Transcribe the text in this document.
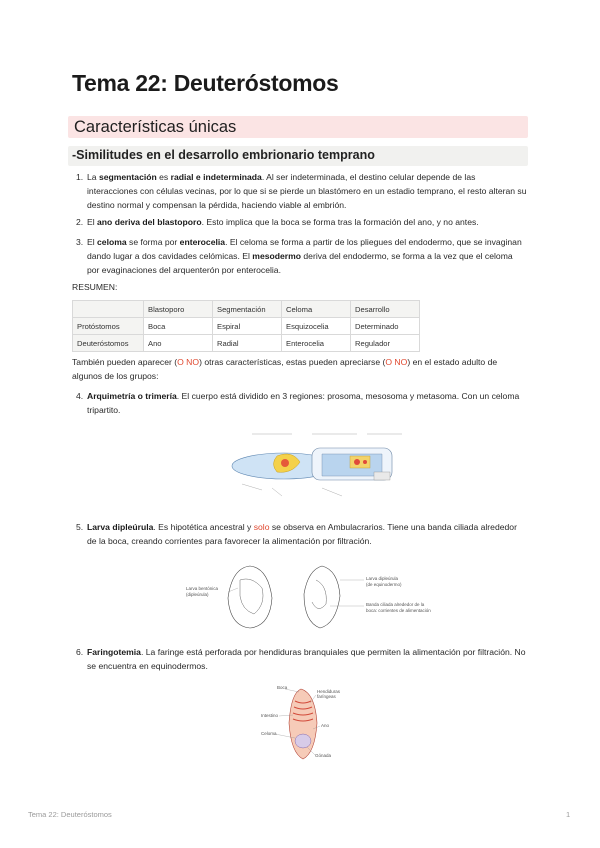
Tema 22: Deuteróstomos
Características únicas
-Similitudes en el desarrollo embrionario temprano
1. La segmentación es radial e indeterminada. Al ser indeterminada, el destino celular depende de las interacciones con células vecinas, por lo que si se pierde un blastómero en un estadio temprano, el resto alteran su destino normal y compensan la pérdida, haciendo viable al embrión.
2. El ano deriva del blastoporo. Esto implica que la boca se forma tras la formación del ano, y no antes.
3. El celoma se forma por enterocelia. El celoma se forma a partir de los pliegues del endodermo, que se invaginan dando lugar a dos cavidades celómicas. El mesodermo deriva del endodermo, se forma a la vez que el celoma por evaginaciones del arquenterón por enterocelia.
RESUMEN:
	Blastoporo	Segmentación	Celoma	Desarrollo
Protóstomos	Boca	Espiral	Esquizocelia	Determinado
Deuteróstomos	Ano	Radial	Enterocelia	Regulador
También pueden aparecer (O NO) otras características, estas pueden apreciarse (O NO) en el estado adulto de algunos de los grupos:
4. Arquimetría o trimería. El cuerpo está dividido en 3 regiones: prosoma, mesosoma y metasoma. Con un celoma tripartito.
5. Larva dipleúrula. Es hipotética ancestral y solo se observa en Ambulacrarios. Tiene una banda ciliada alrededor de la boca, creando corrientes para favorecer la alimentación por filtración.
Larva bentónica
(dipleúrula)
Larva dipleúrula
(de equinodermo)
Banda ciliada alrededor de la
boca: corrientes de alimentación
6. Faringotemia. La faringe está perforada por hendiduras branquiales que permiten la alimentación por filtración. No se encuentra en equinodermos.
Boca
Hendiduras
faríngeas
Ano
Intestino
Celoma
Gónada
Tema 22: Deuteróstomos	1
